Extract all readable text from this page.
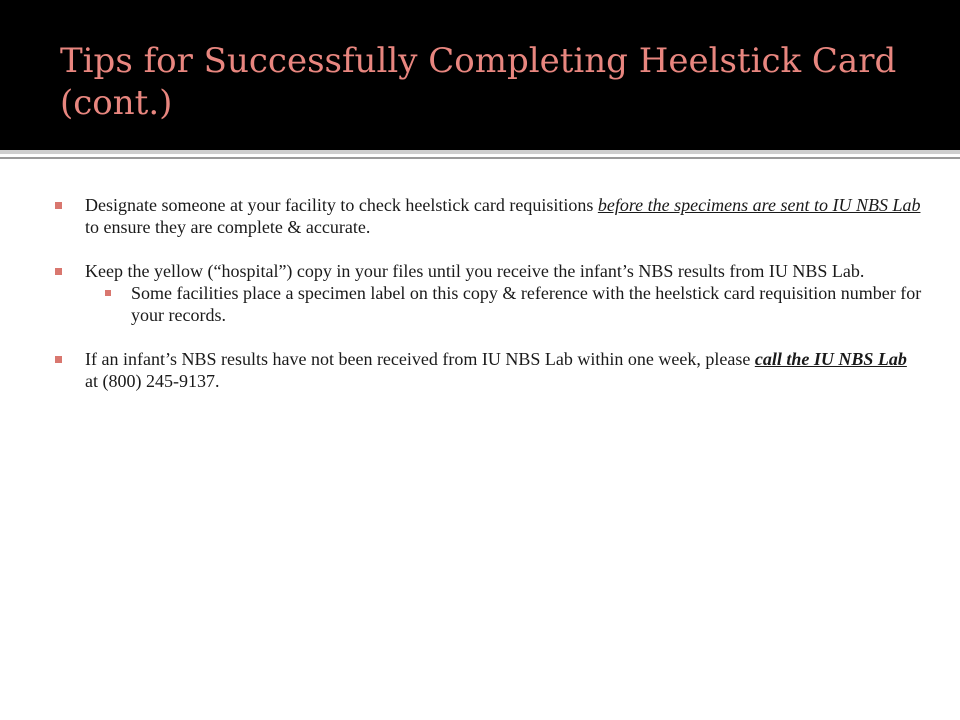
Tips for Successfully Completing Heelstick Card (cont.)
Designate someone at your facility to check heelstick card requisitions before the specimens are sent to IU NBS Lab to ensure they are complete & accurate.
Keep the yellow (“hospital”) copy in your files until you receive the infant’s NBS results from IU NBS Lab.
Some facilities place a specimen label on this copy & reference with the heelstick card requisition number for your records.
If an infant’s NBS results have not been received from IU NBS Lab within one week, please call the IU NBS Lab at (800) 245-9137.
